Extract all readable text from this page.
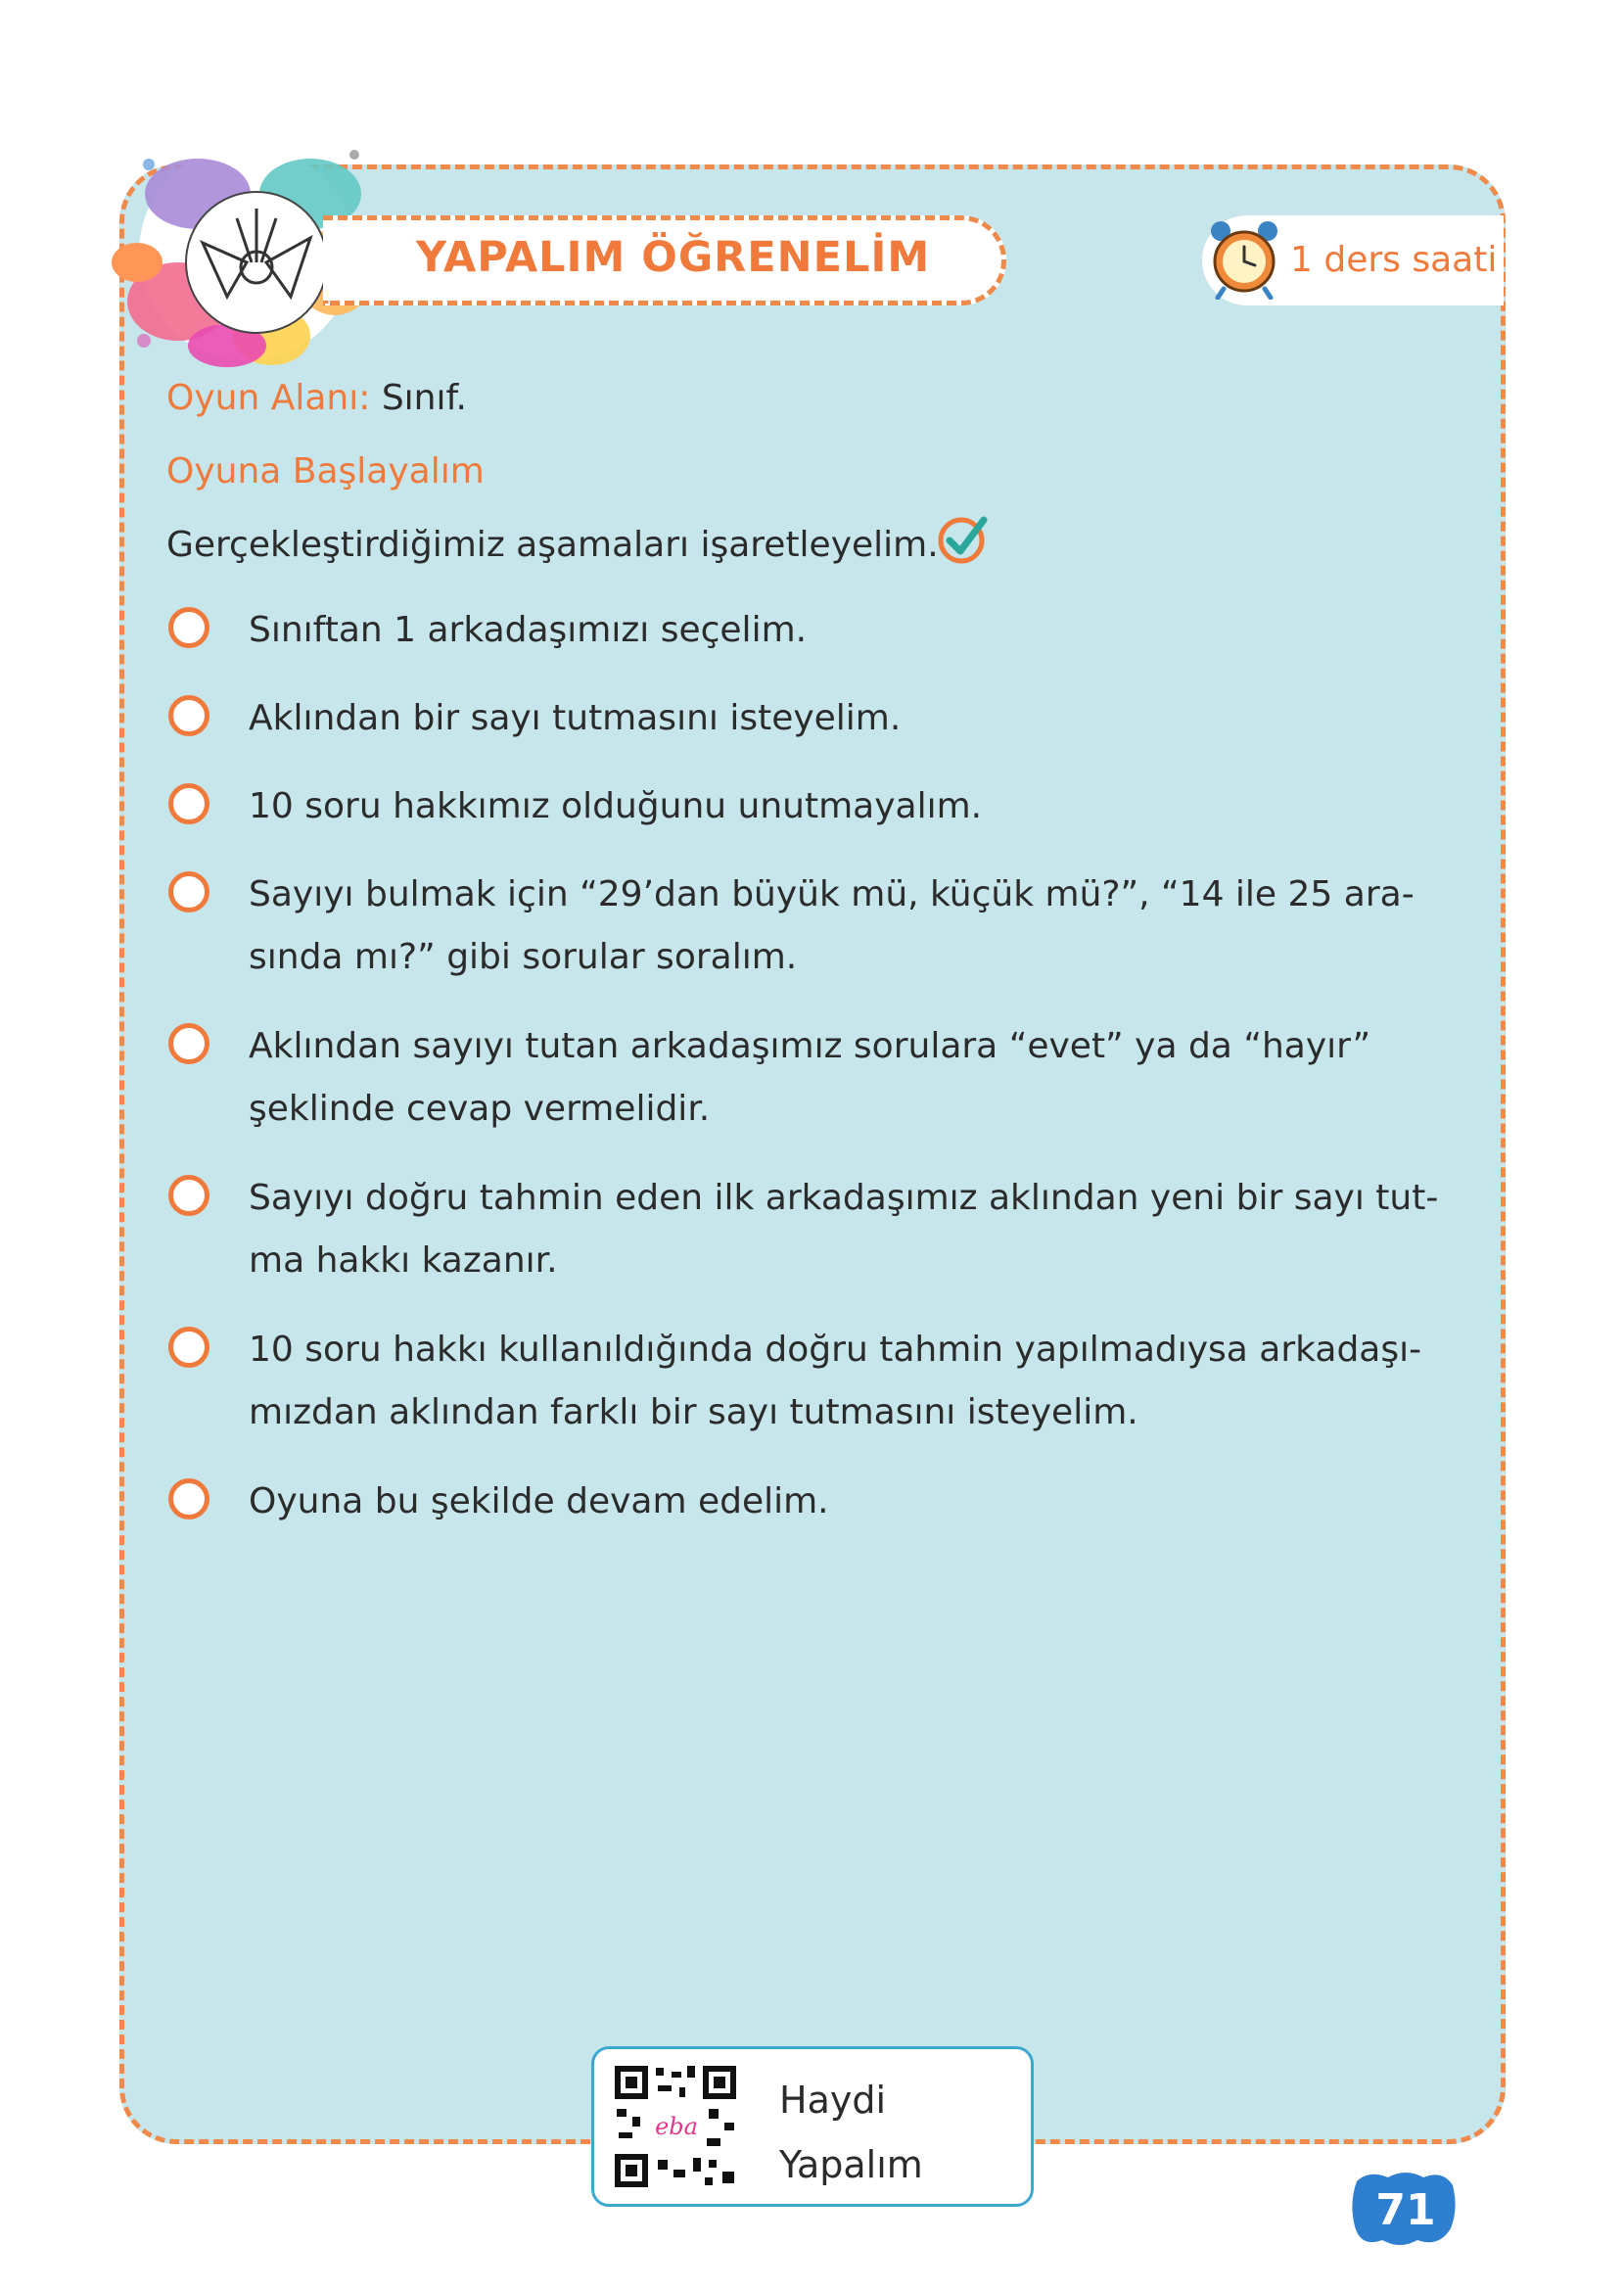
YAPALIM ÖĞRENELİM	1 ders saati
Oyun Alanı: Sınıf.
Oyuna Başlayalım
Gerçekleştirdiğimiz aşamaları işaretleyelim.
Sınıftan 1 arkadaşımızı seçelim.
Aklından bir sayı tutmasını isteyelim.
10 soru hakkımız olduğunu unutmayalım.
Sayıyı bulmak için “29’dan büyük mü, küçük mü?”, “14 ile 25 ara- sında mı?” gibi sorular soralım.
Aklından sayıyı tutan arkadaşımız sorulara “evet” ya da “hayır” şeklinde cevap vermelidir.
Sayıyı doğru tahmin eden ilk arkadaşımız aklından yeni bir sayı tut- ma hakkı kazanır.
10 soru hakkı kullanıldığında doğru tahmin yapılmadıysa arkadaşı- mızdan aklından farklı bir sayı tutmasını isteyelim.
Oyuna bu şekilde devam edelim.
eba
Haydi
Yapalım
71
